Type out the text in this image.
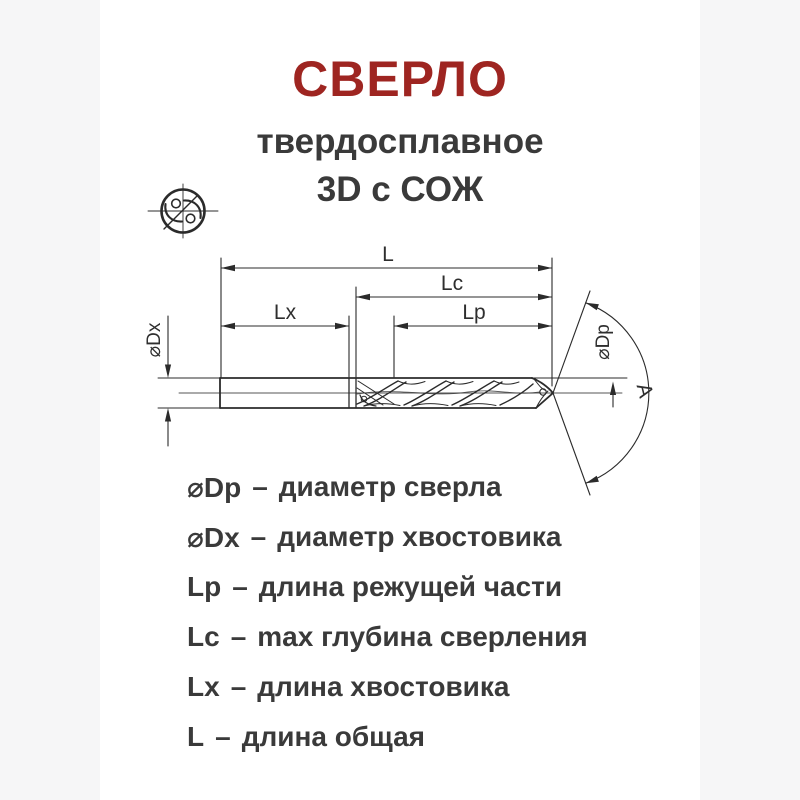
СВЕРЛО
твердосплавное
3D с СОЖ
L
Lc
Lx	Lp
⌀Dx	⌀Dp
A
⌀Dp – диаметр сверла
⌀Dx – диаметр хвостовика
Lp – длина режущей части
Lc – max глубина сверления
Lx – длина хвостовика
L – длина общая
